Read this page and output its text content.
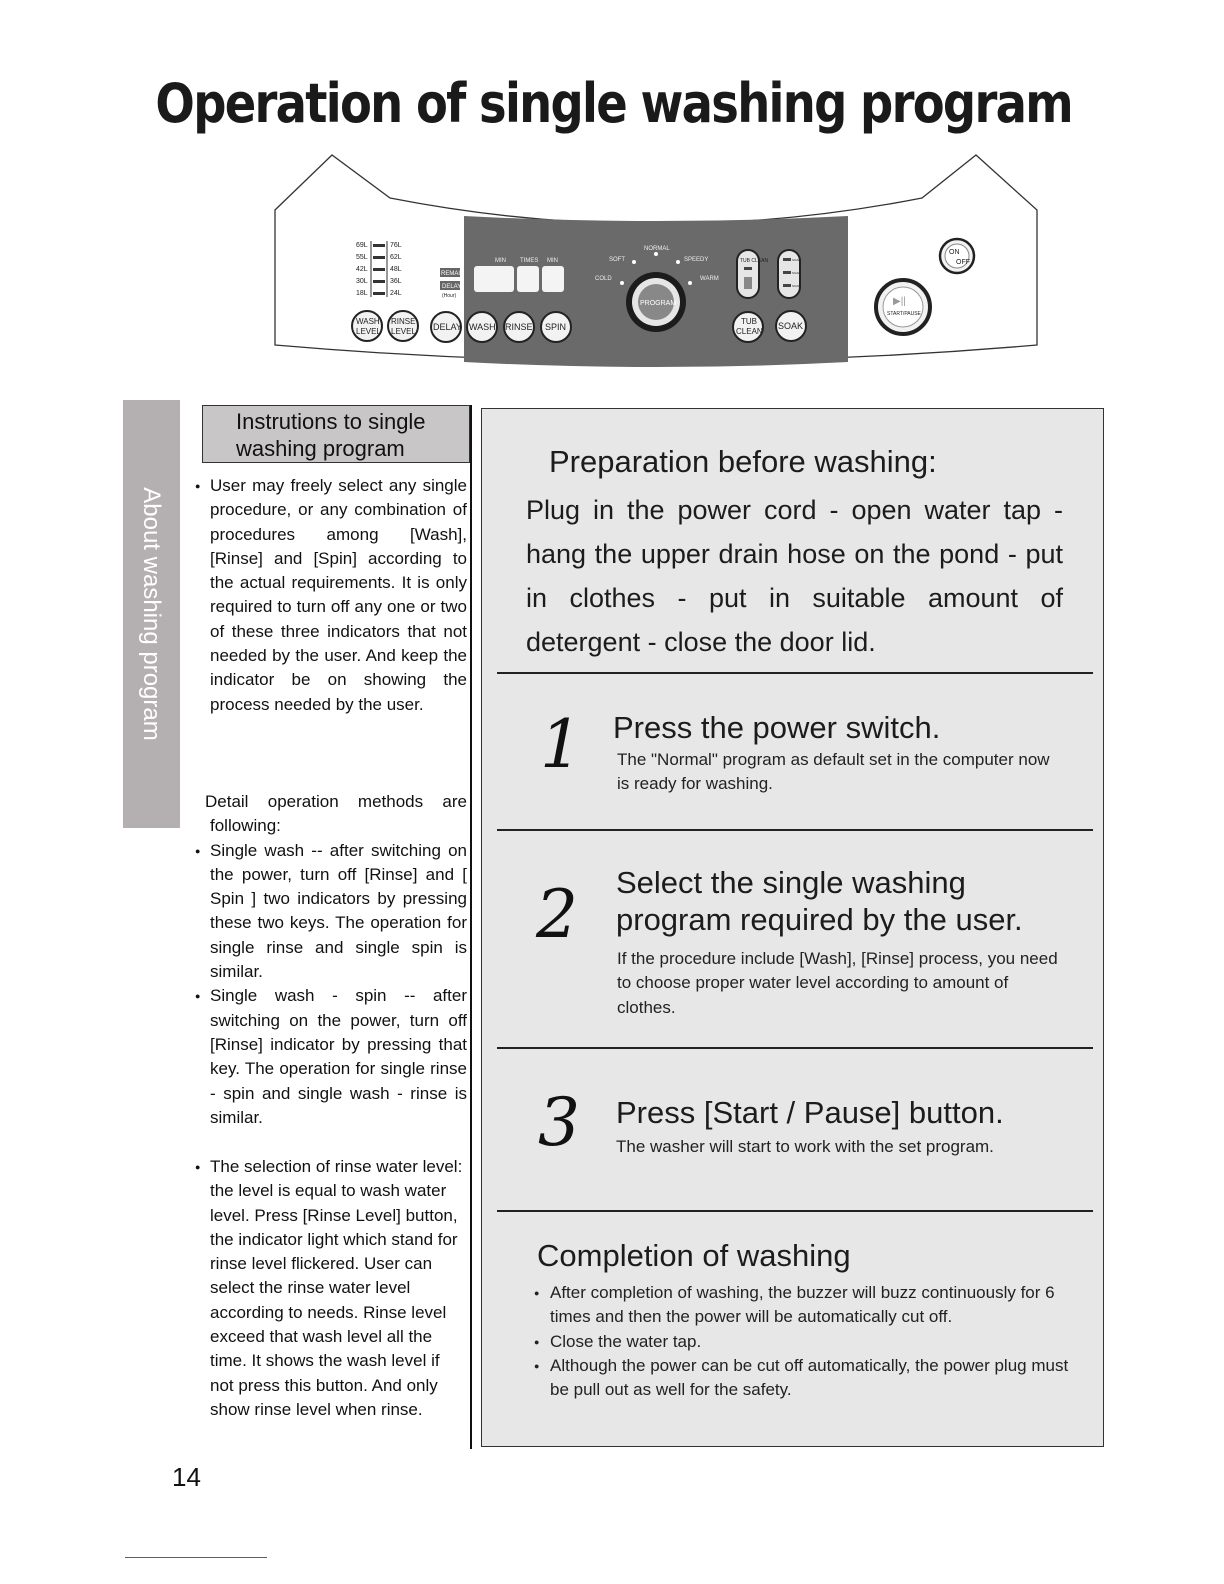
Operation of single washing program
69L
55L
42L
30L
18L
76L
62L
48L
36L
24L
REMAIN
DELAY
(Hour)
MIN TIMES MIN
NORMAL
SOFT	SPEEDY
COLD	WARM
PROGRAM
TUB CLEAN	SOAK
SOAK
SOAK
WASH
LEVEL
RINSE
LEVEL DELAY WASH RINSE SPIN
TUB
CLEAN
SOAK
ON
OFF
▶||
START/PAUSE
About washing program
Instrutions to single
washing program

● User may freely select any single procedure, or any combination of procedures among [Wash], [Rinse] and [Spin] according to the actual requirements. It is only required to turn off any one or two of these three indicators that not needed by the user. And keep the indicator be on showing the process needed by the user.

Detail operation methods are following:

● Single wash -- after switching on the power, turn off [Rinse] and [ Spin ] two indicators by pressing these two keys. The operation for single rinse and single spin is similar.

● Single wash - spin -- after switching on the power, turn off [Rinse] indicator by pressing that key. The operation for single rinse - spin and single wash - rinse is similar.

● The selection of rinse water level: the level is equal to wash water level. Press [Rinse Level] button, the indicator light which stand for rinse level flickered. User can select the rinse water level according to needs. Rinse level exceed that wash level all the time. It shows the wash level if not press this button. And only show rinse level when rinse.

Preparation before washing:
Plug in the power cord - open water tap - hang the upper drain hose on the pond - put in clothes - put in suitable amount of detergent - close the door lid.
1 Press the power switch.
The "Normal" program as default set in the computer now is ready for washing.
2 Select the single washing
program required by the user.
If the procedure include [Wash], [Rinse] process, you need to choose proper water level according to amount of clothes.
3 Press [Start / Pause] button.
The washer will start to work with the set program.
Completion of washing

● After completion of washing, the buzzer will buzz continuously for 6 times and then the power will be automatically cut off.

● Close the water tap.

● Although the power can be cut off automatically, the power plug must be pull out as well for the safety.

14
